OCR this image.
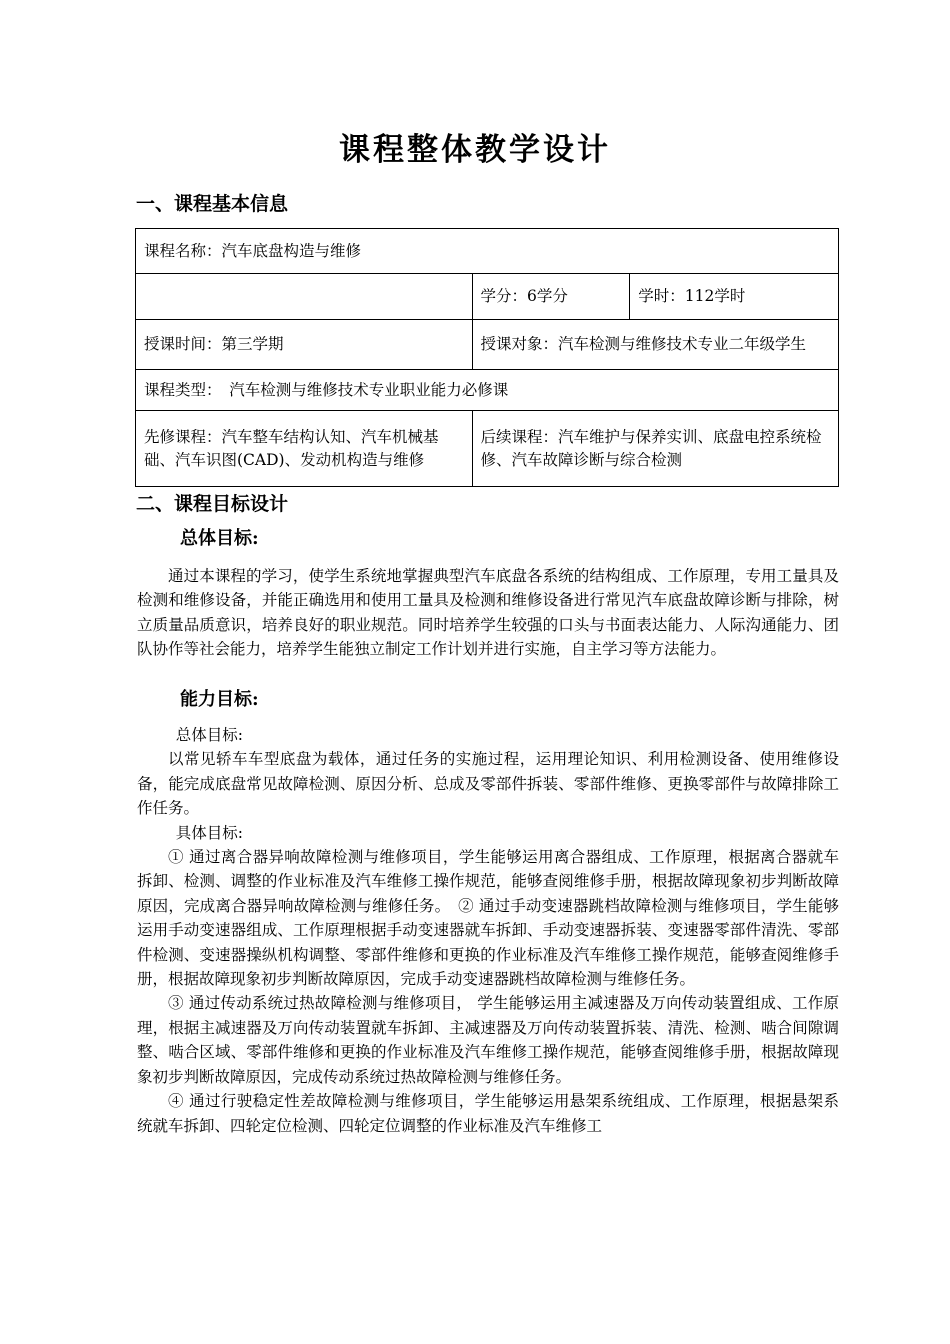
课程整体教学设计
一、课程基本信息
课程名称：汽车底盘构造与维修		
	学分：6学分	学时：112学时
授课时间：第三学期	授课对象：汽车检测与维修技术专业二年级学生	
课程类型：　汽车检测与维修技术专业职业能力必修课		
先修课程：汽车整车结构认知、汽车机械基础、汽车识图(CAD)、发动机构造与维修	后续课程：汽车维护与保养实训、底盘电控系统检修、汽车故障诊断与综合检测	
二、课程目标设计
总体目标:

通过本课程的学习，使学生系统地掌握典型汽车底盘各系统的结构组成、工作原理，专用工量具及检测和维修设备，并能正确选用和使用工量具及检测和维修设备进行常见汽车底盘故障诊断与排除，树立质量品质意识，培养良好的职业规范。同时培养学生较强的口头与书面表达能力、人际沟通能力、团队协作等社会能力，培养学生能独立制定工作计划并进行实施，自主学习等方法能力。

能力目标:

总体目标:

以常见轿车车型底盘为载体，通过任务的实施过程，运用理论知识、利用检测设备、使用维修设备，能完成底盘常见故障检测、原因分析、总成及零部件拆装、零部件维修、更换零部件与故障排除工作任务。

具体目标:

① 通过离合器异响故障检测与维修项目，学生能够运用离合器组成、工作原理，根据离合器就车拆卸、检测、调整的作业标准及汽车维修工操作规范，能够查阅维修手册，根据故障现象初步判断故障原因，完成离合器异响故障检测与维修任务。　② 通过手动变速器跳档故障检测与维修项目，学生能够运用手动变速器组成、工作原理根据手动变速器就车拆卸、手动变速器拆装、变速器零部件清洗、零部件检测、变速器操纵机构调整、零部件维修和更换的作业标准及汽车维修工操作规范，能够查阅维修手册，根据故障现象初步判断故障原因，完成手动变速器跳档故障检测与维修任务。

③ 通过传动系统过热故障检测与维修项目， 学生能够运用主减速器及万向传动装置组成、工作原理，根据主减速器及万向传动装置就车拆卸、主减速器及万向传动装置拆装、清洗、检测、啮合间隙调整、啮合区域、零部件维修和更换的作业标准及汽车维修工操作规范，能够查阅维修手册，根据故障现象初步判断故障原因，完成传动系统过热故障检测与维修任务。

④ 通过行驶稳定性差故障检测与维修项目，学生能够运用悬架系统组成、工作原理，根据悬架系统就车拆卸、四轮定位检测、四轮定位调整的作业标准及汽车维修工
